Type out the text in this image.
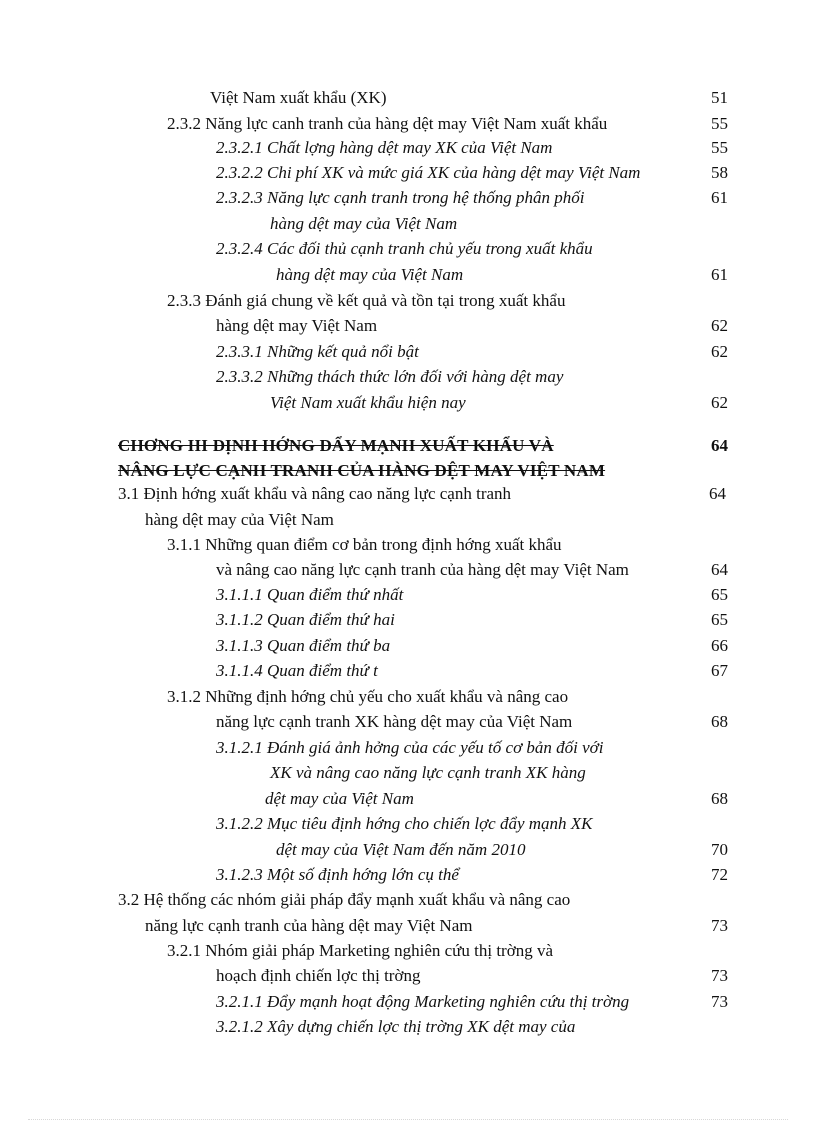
Việt Nam xuất khẩu (XK)	51
2.3.2 Năng lực canh tranh của hàng dệt may Việt Nam xuất khẩu	55
2.3.2.1 Chất lợng hàng dệt may XK của Việt Nam	55
2.3.2.2 Chi phí XK và mức giá XK của hàng dệt may Việt Nam	58
2.3.2.3 Năng lực cạnh tranh trong hệ thống phân phối	61
hàng dệt may của Việt Nam
2.3.2.4 Các đối thủ cạnh tranh chủ yếu trong xuất khẩu
hàng dệt may của Việt Nam	61
2.3.3 Đánh giá chung về kết quả và tồn tại trong xuất khẩu
hàng dệt may Việt Nam	62
2.3.3.1 Những kết quả nổi bật	62
2.3.3.2 Những thách thức lớn đối với hàng dệt may
Việt Nam xuất khẩu hiện nay	62
CHƠNG III ĐỊNH HỚNG ĐẨY MẠNH XUẤT KHẨU VÀ	64
NÂNG LỰC CẠNH TRANH CỦA HÀNG DỆT MAY VIỆT NAM
3.1 Định hớng xuất khẩu và nâng cao năng lực cạnh tranh	64
hàng dệt may của Việt Nam
3.1.1 Những quan điểm cơ bản trong định hớng xuất khẩu
và nâng cao năng lực cạnh tranh của hàng dệt may Việt Nam	64
3.1.1.1 Quan điểm thứ nhất	65
3.1.1.2 Quan điểm thứ hai	65
3.1.1.3 Quan điểm thứ ba	66
3.1.1.4 Quan điểm thứ t	67
3.1.2 Những định hớng chủ yếu cho xuất khẩu và nâng cao
năng lực cạnh tranh XK hàng dệt may của Việt Nam	68
3.1.2.1 Đánh giá ảnh hởng của các yếu tố cơ bản đối với
XK và nâng cao năng lực cạnh tranh XK hàng
dệt may của Việt Nam	68
3.1.2.2 Mục tiêu định hớng cho chiến lợc đẩy mạnh XK
dệt may của Việt Nam đến năm 2010	70
3.1.2.3 Một số định hớng lớn cụ thể	72
3.2 Hệ thống các nhóm giải pháp đẩy mạnh xuất khẩu và nâng cao
năng lực cạnh tranh của hàng dệt may Việt Nam	73
3.2.1 Nhóm giải pháp Marketing nghiên cứu thị trờng và
hoạch định chiến lợc thị trờng	73
3.2.1.1 Đẩy mạnh hoạt động Marketing nghiên cứu thị trờng	73
3.2.1.2 Xây dựng chiến lợc thị trờng XK dệt may của
